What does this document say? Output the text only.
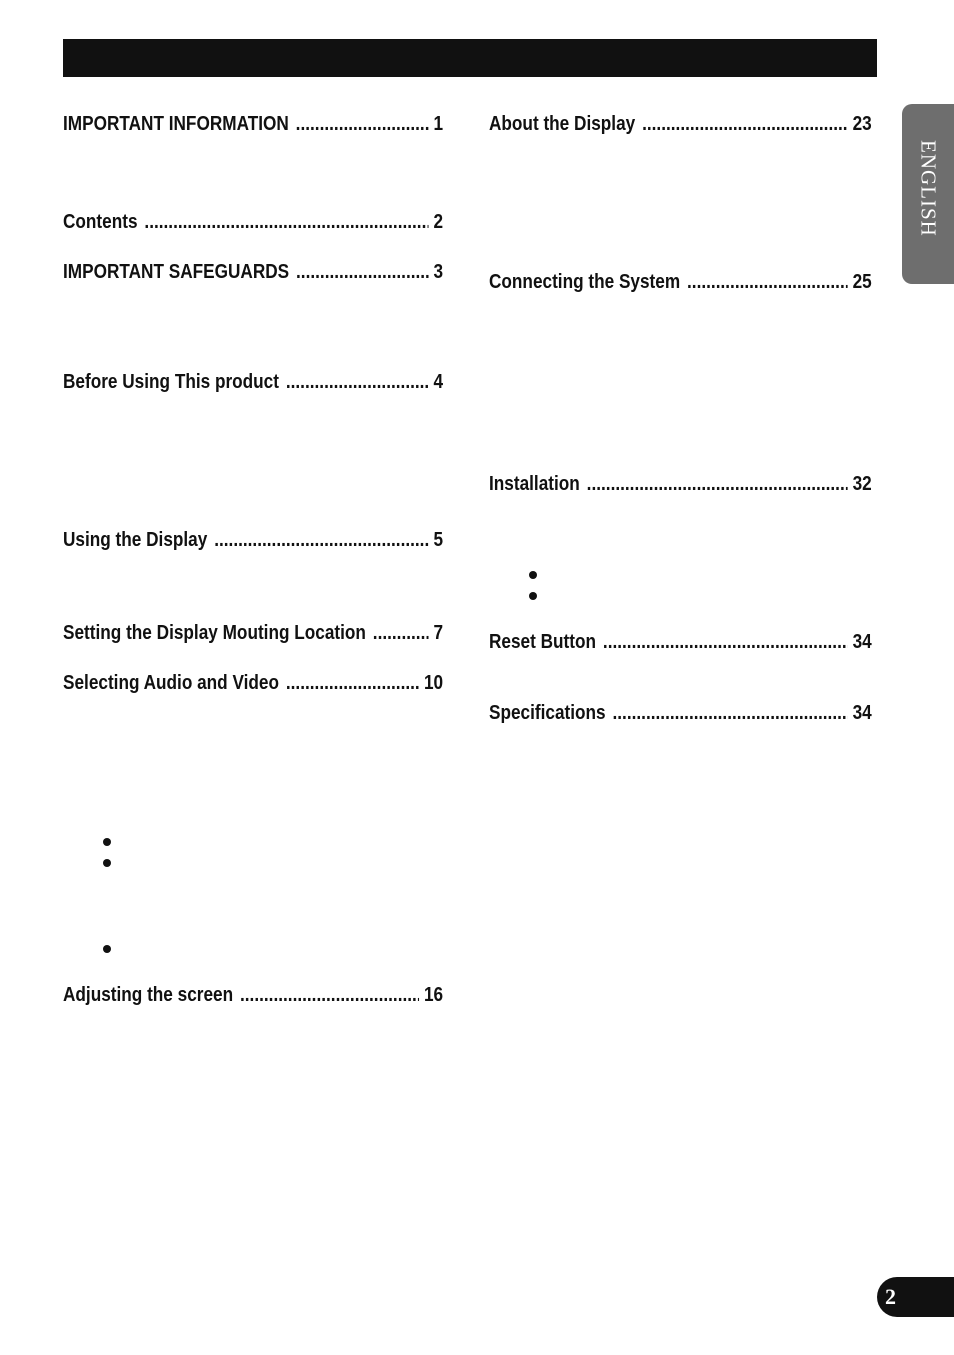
ENGLISH
IMPORTANT INFORMATION .....	1
Contents .....	2
IMPORTANT SAFEGUARDS .....	3
Before Using This product .....	4
Using the Display .....	5
Setting the Display Mouting Location .....	7
Selecting Audio and Video .....	10
Adjusting the screen .....	16
About the Display .....	23
Connecting the System .....	25
Installation .....	32
Reset Button .....	34
Specifications .....	34
2
